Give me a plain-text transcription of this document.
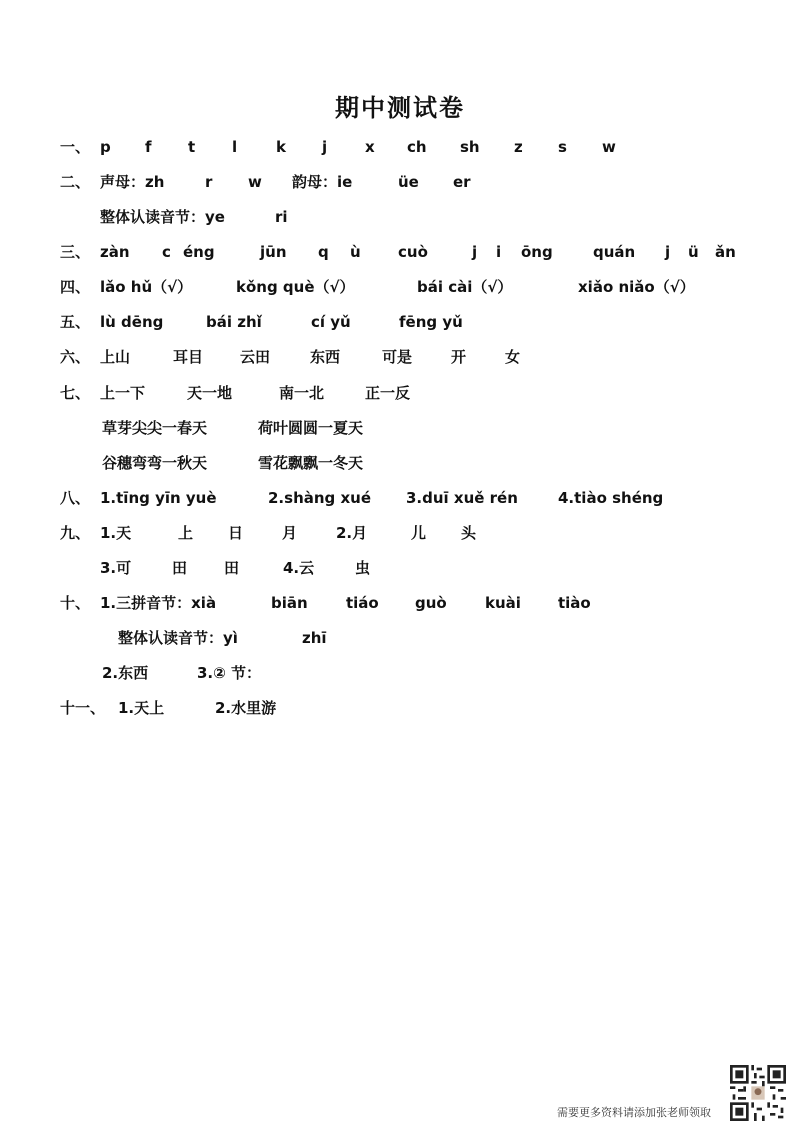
期中测试卷
一、 p f t l	k j	x ch sh z s w
二、 声母：zh	r w 韵母：ie	üe er
整体认读音节：ye	ri
三、 zàn c éng	jūn q ù cuò	j i ōng	quán j ü ǎn
四、 lǎo hǔ（√）	kǒng què（√）	bái cài（√）	xiǎo niǎo（√）
五、 lù dēng	bái zhǐ	cí yǔ	fēng yǔ
六、 上山	耳目 云田	东西	可是	开	女
七、 上一下	天一地	南一北	正一反
草芽尖尖一春天	荷叶圆圆一夏天
谷穗弯弯一秋天	雪花飘飘一冬天
八、 1.tīng yīn yuè	2.shàng xué 3.duī xuě rén	4.tiào shéng
九、 1.天	上 日	月	2.月	儿 头
3.可	田 田	4.云	虫
十、 1.三拼音节：xià	biān	tiáo guò	kuài tiào
整体认读音节：yì	zhī
2.东西	3.② 节：
十一、 1.天上	2.水里游
需要更多资料请添加张老师领取
